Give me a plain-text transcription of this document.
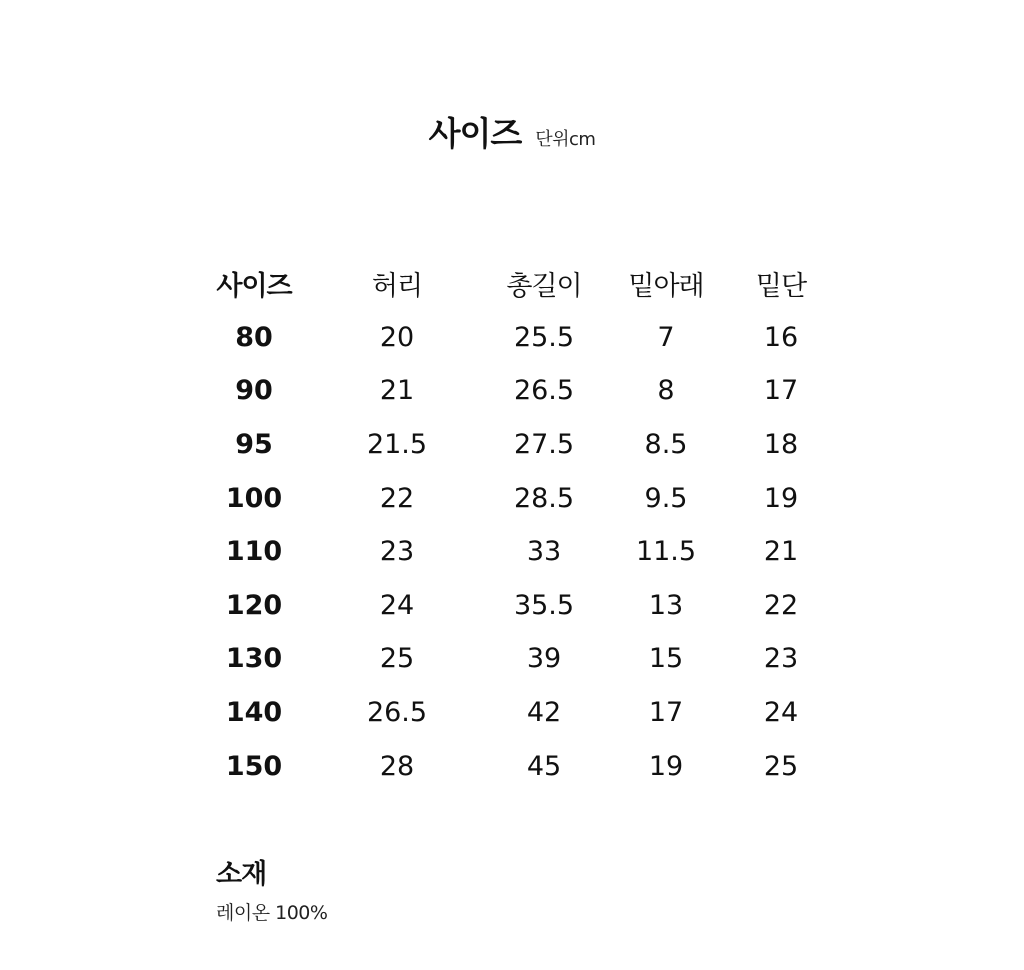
사이즈 단위cm
사이즈	허리	총길이	밑아래	밑단
80	20	25.5	7	16
90	21	26.5	8	17
95	21.5	27.5	8.5	18
100	22	28.5	9.5	19
110	23	33	11.5	21
120	24	35.5	13	22
130	25	39	15	23
140	26.5	42	17	24
150	28	45	19	25
소재
레이온 100%
